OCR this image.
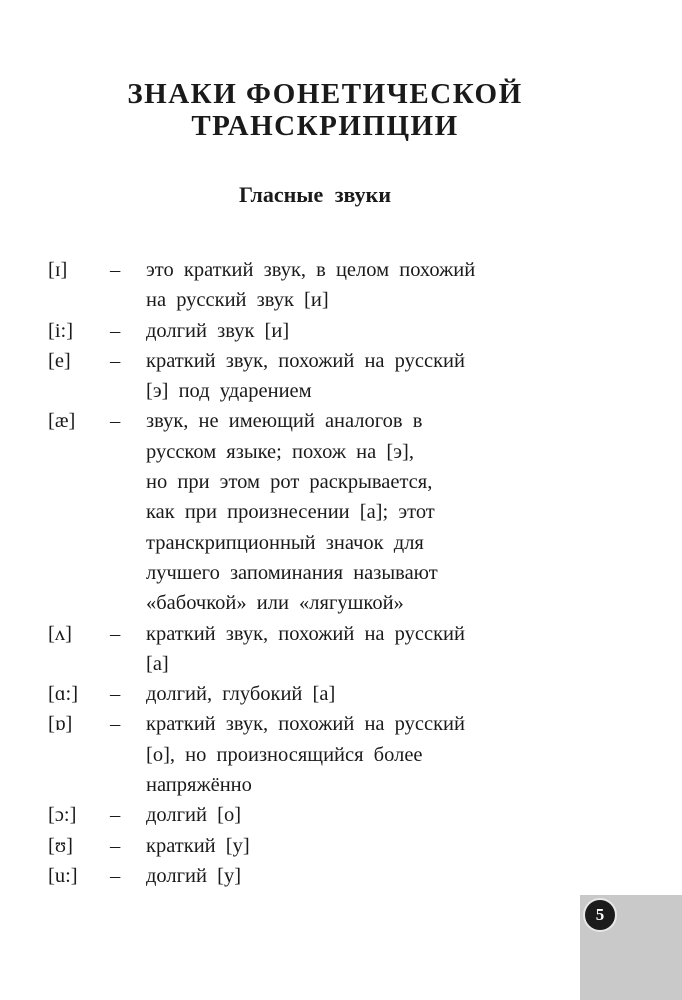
ЗНАКИ ФОНЕТИЧЕСКОЙ
ТРАНСКРИПЦИИ
Гласные звуки
[ɪ]	–	это краткий звук, в целом похожий
на русский звук [и]
[i:]	–	долгий звук [и]
[e]	–	краткий звук, похожий на русский
[э] под ударением
[æ]	–	звук, не имеющий аналогов в
русском языке; похож на [э],
но при этом рот раскрывается,
как при произнесении [а]; этот
транскрипционный значок для
лучшего запоминания называют
«бабочкой» или «лягушкой»
[ʌ]	–	краткий звук, похожий на русский
[а]
[ɑ:]	–	долгий, глубокий [а]
[ɒ]	–	краткий звук, похожий на русский
[о], но произносящийся более
напряжённо
[ɔ:]	–	долгий [о]
[ʊ]	–	краткий [у]
[u:]	–	долгий [у]
5
